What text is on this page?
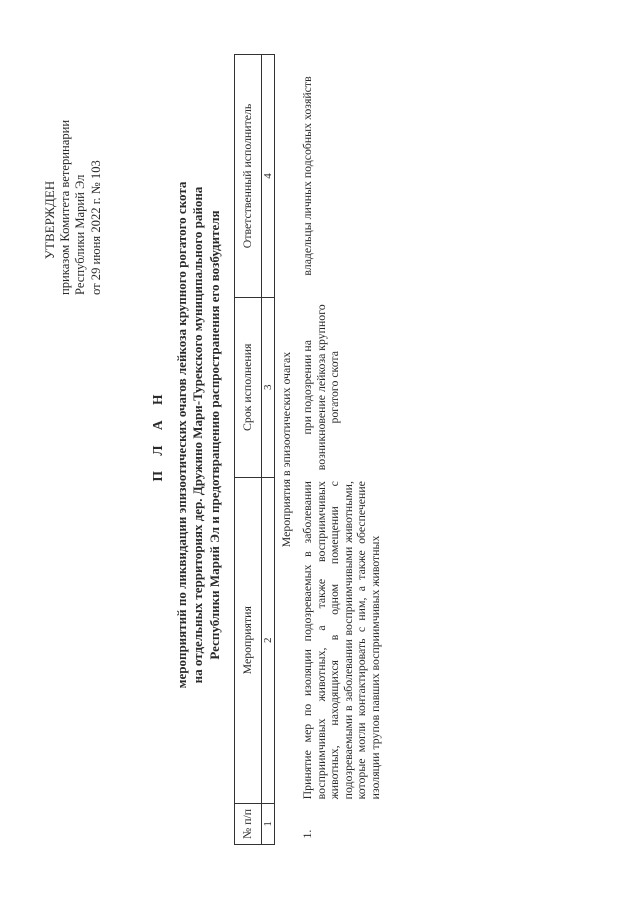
УТВЕРЖДЕН приказом Комитета ветеринарии Республики Марий Эл от 29 июня 2022 г. № 103
П Л А Н мероприятий по ликвидации эпизоотических очагов лейкоза крупного рогатого скота на отдельных территориях дер. Дружино Мари-Турекского муниципального района Республики Марий Эл и предотвращению распространения его возбудителя
№ п/п	Мероприятия	Срок исполнения	Ответственный исполнитель
1	2	3	4
Мероприятия в эпизоотических очагах			

1.	Принятие мер по изоляции подозреваемых в заболевании восприимчивых животных, а также восприимчивых животных, находящихся в одном помещении с подозреваемыми в заболевании восприимчивыми животными, которые могли контактировать с ним, а также обеспечение изоляции трупов павших восприимчивых животных	при подозрении на возникновение лейкоза крупного рогатого скота	владельцы личных подсобных хозяйств
